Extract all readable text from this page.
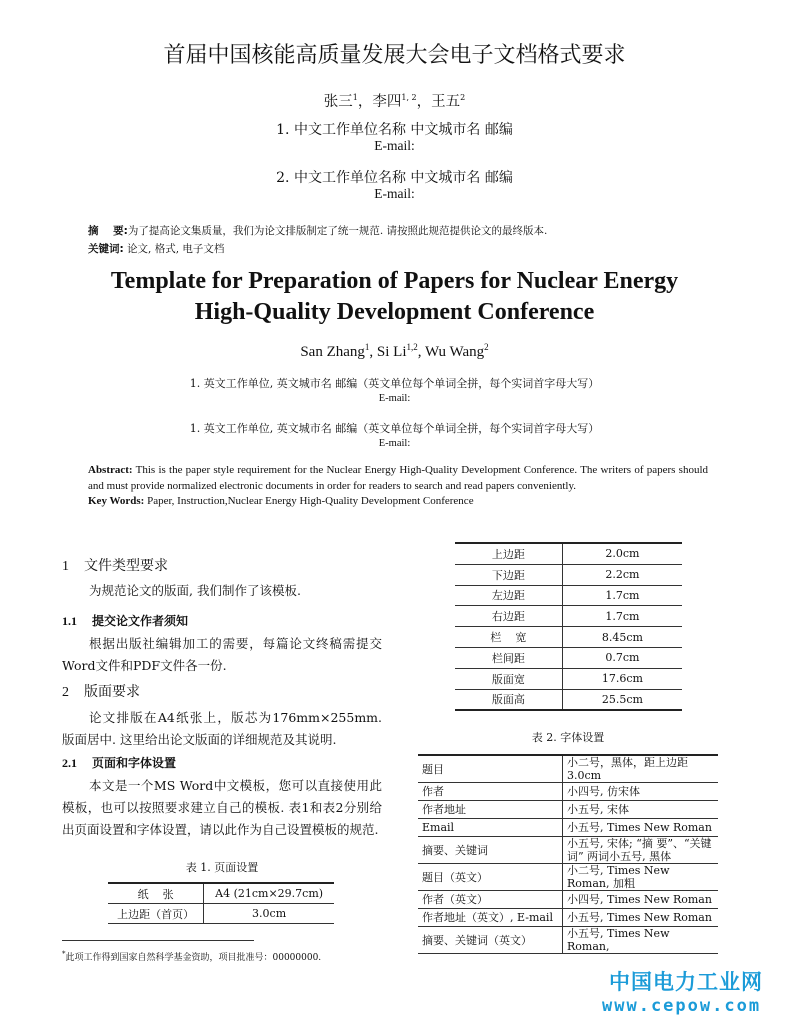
首届中国核能高质量发展大会电子文档格式要求
张三$^1$，李四$^{1, 2}$，王五$^2$
1. 中文工作单位名称 中文城市名 邮编
E-mail:
2. 中文工作单位名称 中文城市名 邮编
E-mail:
摘    要:为了提高论文集质量，我们为论文排版制定了统一规范. 请按照此规范提供论文的最终版本.
关键词: 论文, 格式, 电子文档
Template for Preparation of Papers for Nuclear Energy
High-Quality Development Conference
San Zhang$^1$, Si Li$^{1,2}$, Wu Wang$^2$
1. 英文工作单位, 英文城市名 邮编（英文单位每个单词全拼，每个实词首字母大写）
E-mail:
1. 英文工作单位, 英文城市名 邮编（英文单位每个单词全拼，每个实词首字母大写）
E-mail:
Abstract: This is the paper style requirement for the Nuclear Energy High-Quality Development Conference. The writers of papers should and must provide normalized electronic documents in order for readers to search and read papers conveniently.
Key Words: Paper, Instruction,Nuclear Energy High-Quality Development Conference
1 文件类型要求
为规范论文的版面, 我们制作了该模板.
1.1 提交论文作者须知
根据出版社编辑加工的需要，每篇论文终稿需提交Word文件和PDF文件各一份.
2 版面要求
论文排版在A4纸张上，版芯为176mm×255mm. 版面居中. 这里给出论文版面的详细规范及其说明.
2.1 页面和字体设置
本文是一个MS Word中文模板，您可以直接使用此模板，也可以按照要求建立自己的模板. 表1和表2分别给出页面设置和字体设置，请以此作为自己设置模板的规范.
表 1. 页面设置
纸    张	A4 (21cm×29.7cm)
上边距（首页）	3.0cm
*此项工作得到国家自然科学基金资助，项目批准号：00000000.
上边距	2.0cm
下边距	2.2cm
左边距	1.7cm
右边距	1.7cm
栏    宽	8.45cm
栏间距	0.7cm
版面宽	17.6cm
版面高	25.5cm
表 2. 字体设置
题目	小二号，黑体，距上边距3.0cm
作者	小四号, 仿宋体
作者地址	小五号, 宋体
Email	小五号, Times New Roman
摘要、关键词	小五号, 宋体; “摘 要”、“关键词” 两词小五号, 黑体
题目（英文）	小二号, Times New Roman, 加粗
作者（英文）	小四号, Times New Roman
作者地址（英文）, E-mail	小五号, Times New Roman
摘要、关键词（英文）	小五号, Times New Roman,
中国电力工业网
www.cepow.com
